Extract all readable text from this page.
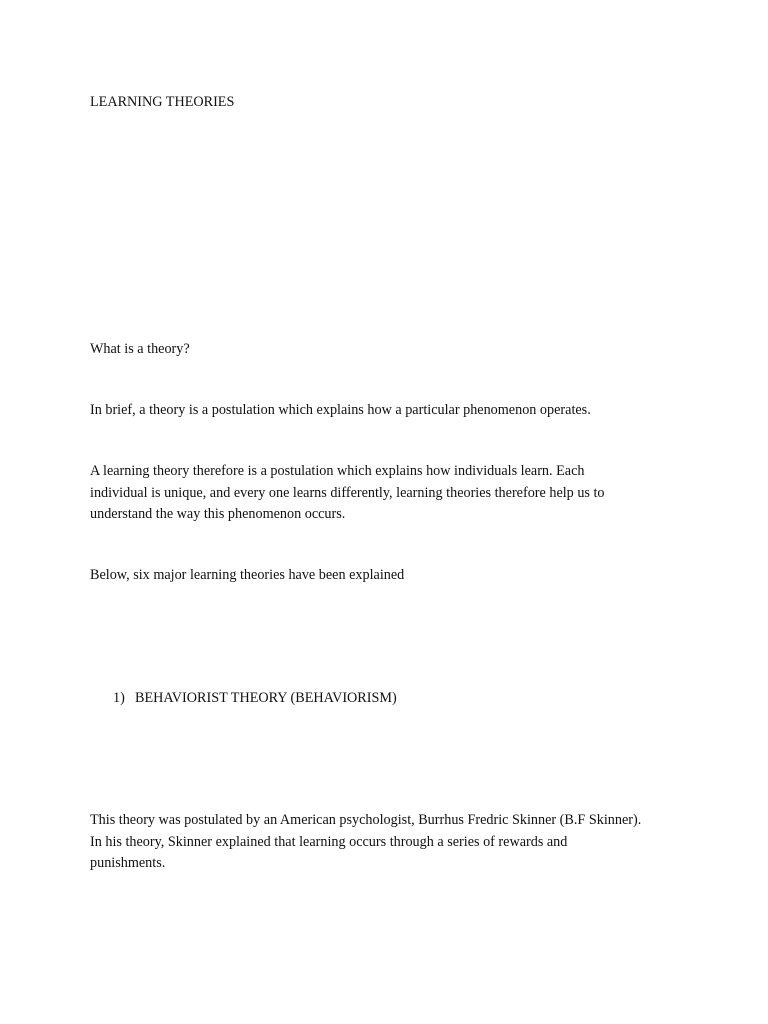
LEARNING THEORIES

What is a theory?

In brief, a theory is a postulation which explains how a particular phenomenon operates.

A learning theory therefore is a postulation which explains how individuals learn. Each
individual is unique, and every one learns differently, learning theories therefore help us to
understand the way this phenomenon occurs.

Below, six major learning theories have been explained

1) BEHAVIORIST THEORY (BEHAVIORISM)

This theory was postulated by an American psychologist, Burrhus Fredric Skinner (B.F Skinner).
In his theory, Skinner explained that learning occurs through a series of rewards and
punishments.
